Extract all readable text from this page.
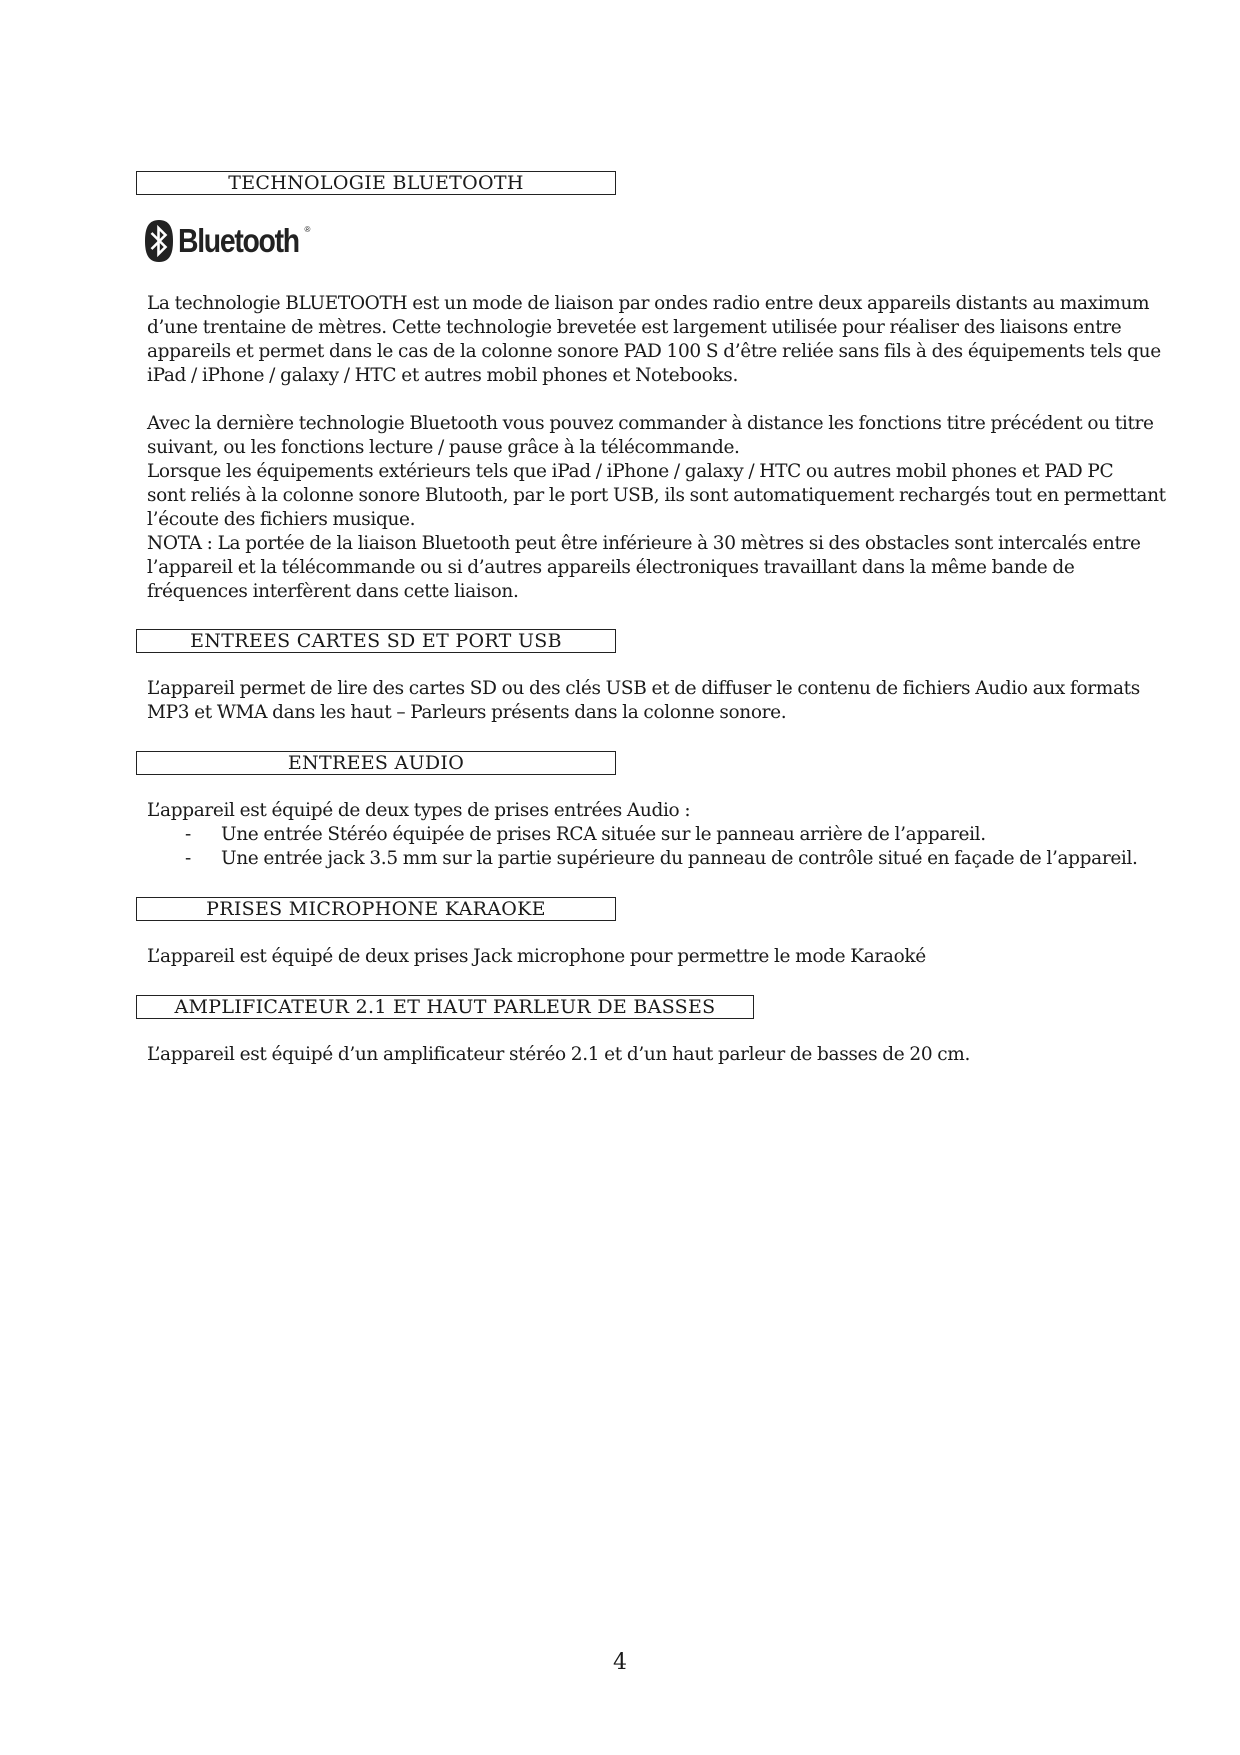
TECHNOLOGIE BLUETOOTH
Bluetooth ®
La technologie BLUETOOTH est un mode de liaison par ondes radio entre deux appareils distants au maximum
d’une trentaine de mètres. Cette technologie brevetée est largement utilisée pour réaliser des liaisons entre
appareils et permet dans le cas de la colonne sonore PAD 100 S d’être reliée sans fils à des équipements tels que
iPad / iPhone / galaxy / HTC et autres mobil phones et Notebooks.
Avec la dernière technologie Bluetooth vous pouvez commander à distance les fonctions titre précédent ou titre
suivant, ou les fonctions lecture / pause grâce à la télécommande.
Lorsque les équipements extérieurs tels que iPad / iPhone / galaxy / HTC ou autres mobil phones et PAD PC
sont reliés à la colonne sonore Blutooth, par le port USB, ils sont automatiquement rechargés tout en permettant
l’écoute des fichiers musique.
NOTA : La portée de la liaison Bluetooth peut être inférieure à 30 mètres si des obstacles sont intercalés entre
l’appareil et la télécommande ou si d’autres appareils électroniques travaillant dans la même bande de
fréquences interfèrent dans cette liaison.
ENTREES CARTES SD ET PORT USB
L’appareil permet de lire des cartes SD ou des clés USB et de diffuser le contenu de fichiers Audio aux formats
MP3 et WMA dans les haut – Parleurs présents dans la colonne sonore.
ENTREES AUDIO
L’appareil est équipé de deux types de prises entrées Audio :
- Une entrée Stéréo équipée de prises RCA située sur le panneau arrière de l’appareil.
- Une entrée jack 3.5 mm sur la partie supérieure du panneau de contrôle situé en façade de l’appareil.
PRISES MICROPHONE KARAOKE
L’appareil est équipé de deux prises Jack microphone pour permettre le mode Karaoké
AMPLIFICATEUR 2.1 ET HAUT PARLEUR DE BASSES
L’appareil est équipé d’un amplificateur stéréo 2.1 et d’un haut parleur de basses de 20 cm.
4
